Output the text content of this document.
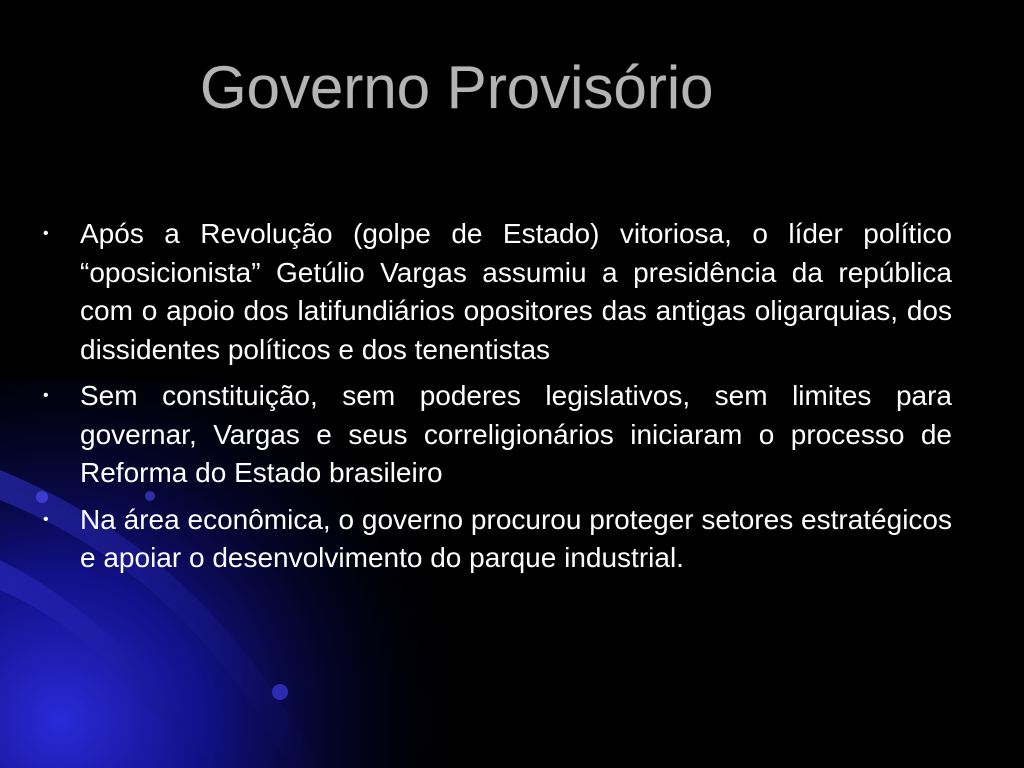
Governo Provisório
• Após a Revolução (golpe de Estado) vitoriosa, o líder político “oposicionista” Getúlio Vargas assumiu a presidência da república com o apoio dos latifundiários opositores das antigas oligarquias, dos dissidentes políticos e dos tenentistas
• Sem constituição, sem poderes legislativos, sem limites para governar, Vargas e seus correligionários iniciaram o processo de Reforma do Estado brasileiro
• Na área econômica, o governo procurou proteger setores estratégicos e apoiar o desenvolvimento do parque industrial.
